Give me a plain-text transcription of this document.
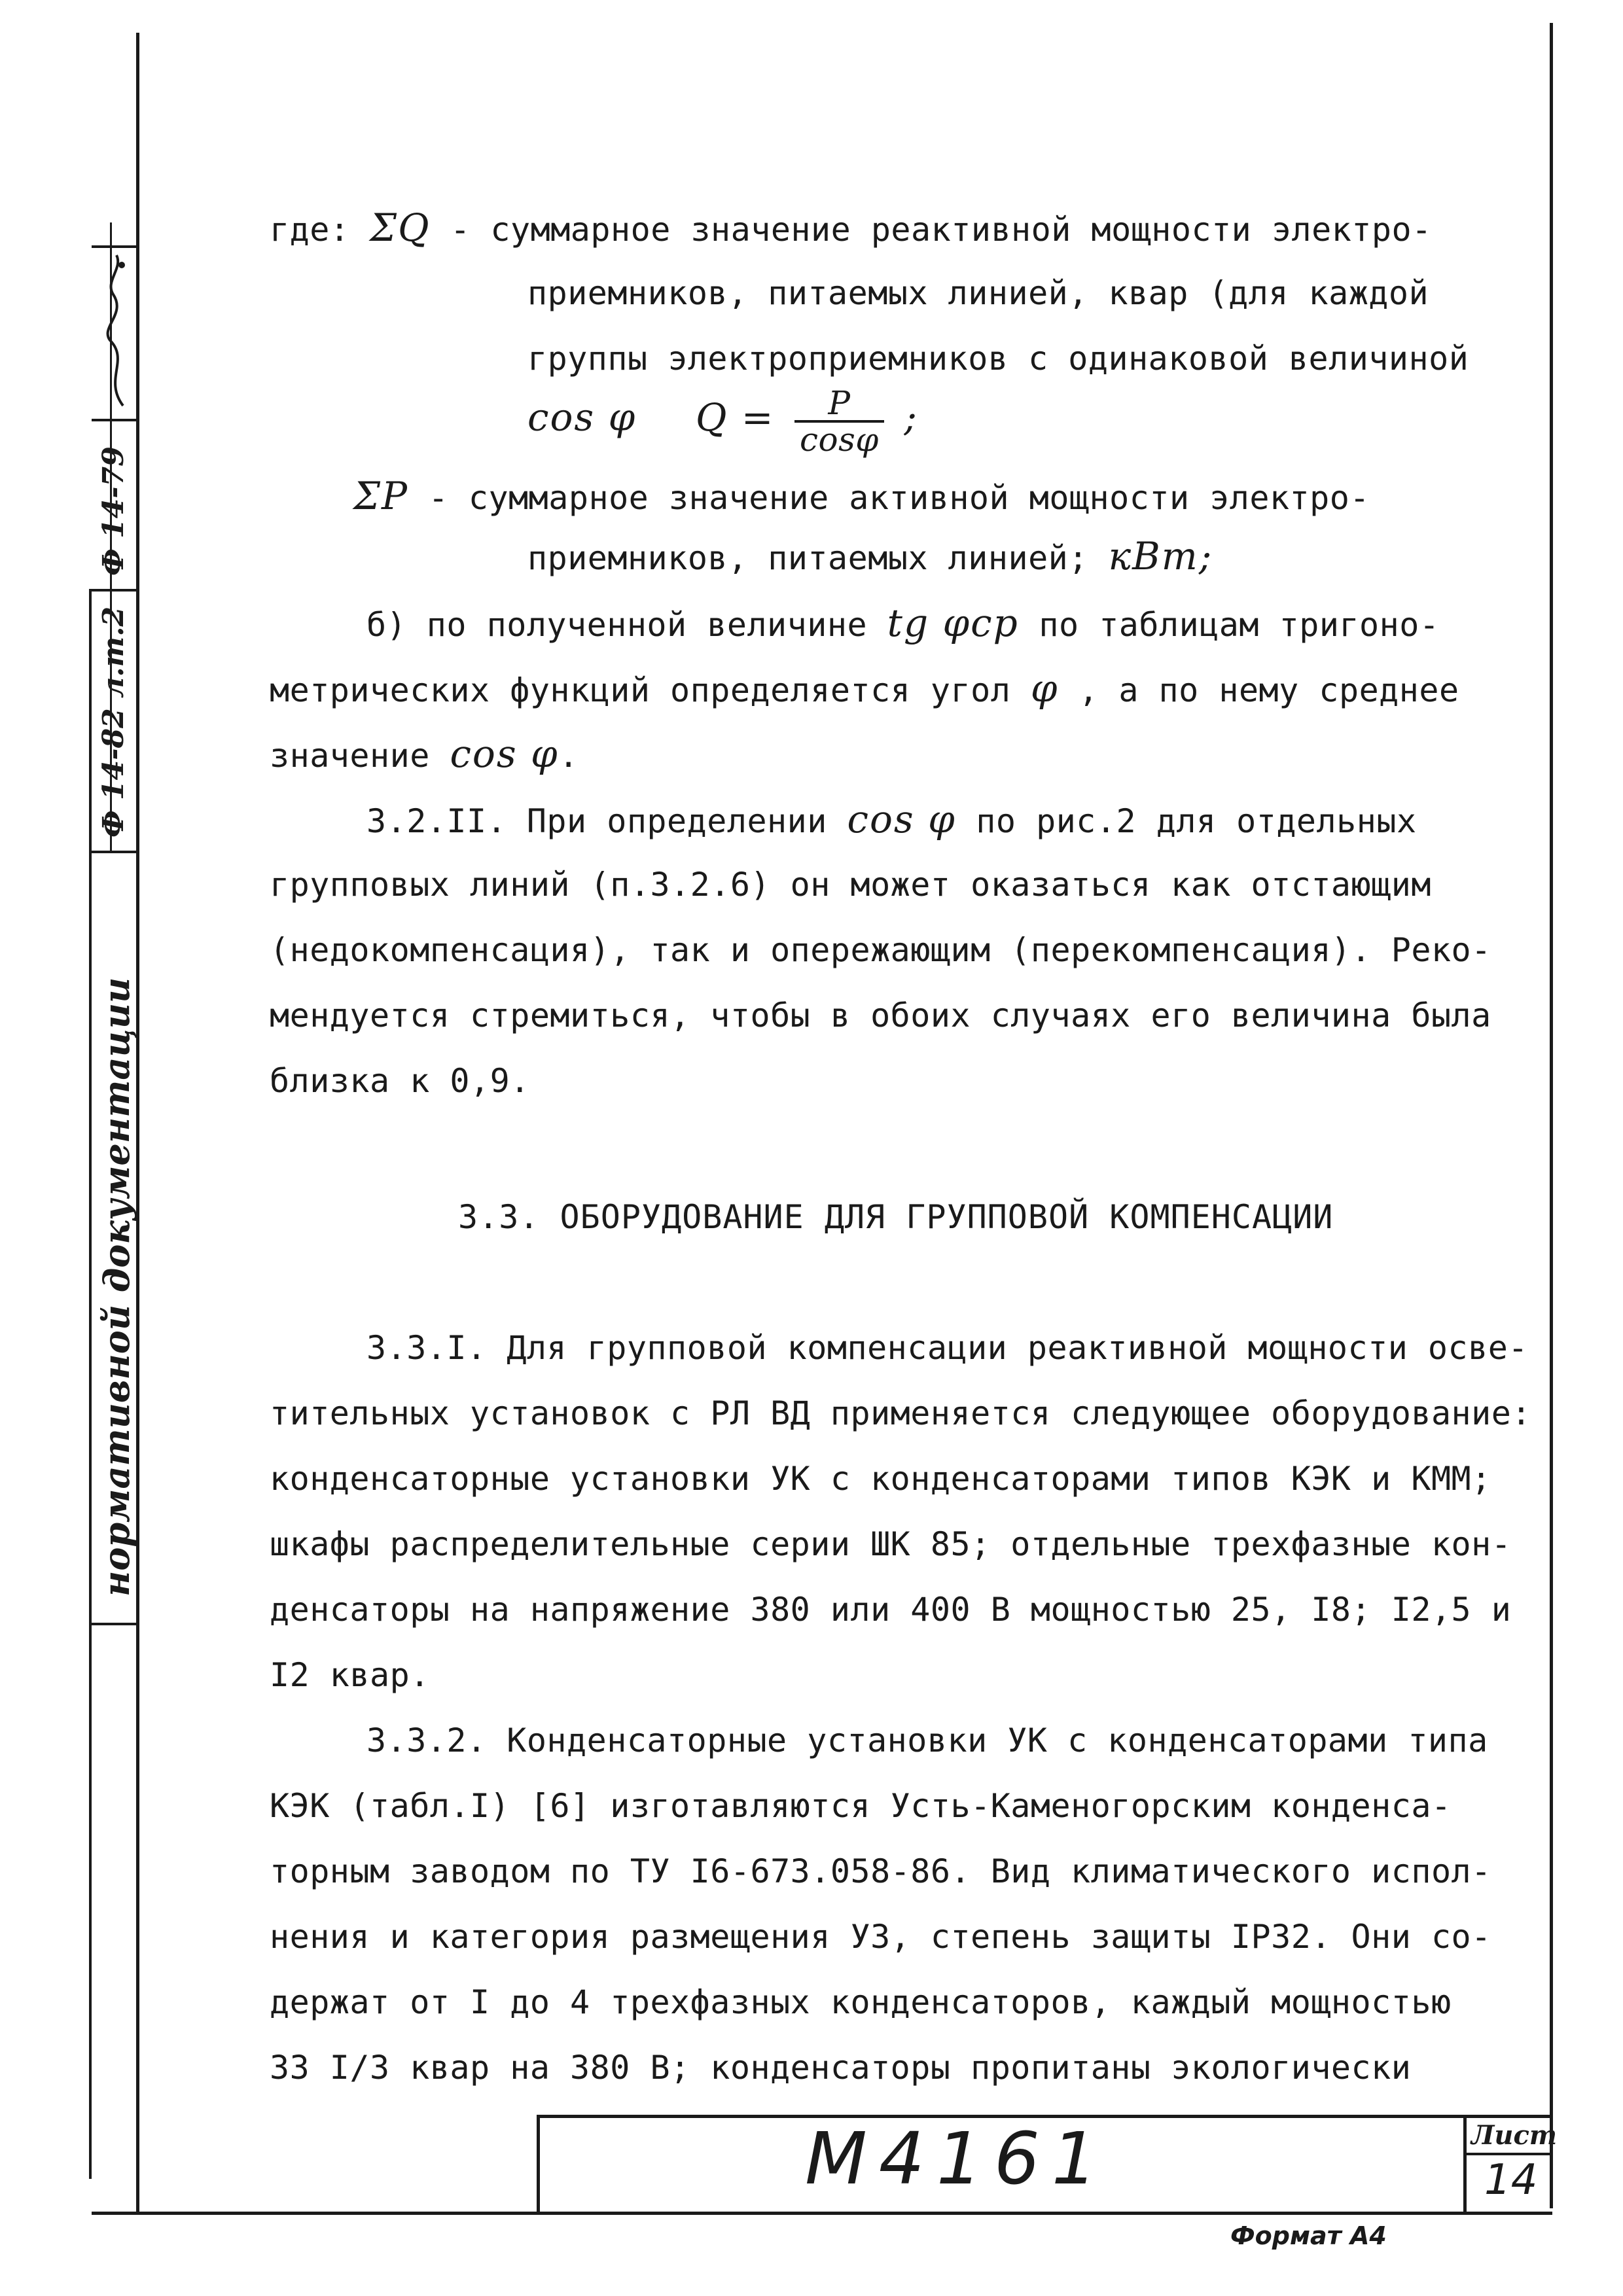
Ф 14-79
Ф 14-82 л.т.2
нормативной документации
где: ΣQ - суммарное значение реактивной мощности электро-
приемников, питаемых линией, квар (для каждой
группы электроприемников с одинаковой величиной
cos φ $Q = \frac{P}{\cos\varphi}$ ;
ΣP - суммарное значение активной мощности электро-
приемников, питаемых линией; кВт;
б) по полученной величине tg φср по таблицам тригоно-
метрических функций определяется угол φ , а по нему среднее
значение cos φ.
3.2.II. При определении cos φ по рис.2 для отдельных
групповых линий (п.3.2.6) он может оказаться как отстающим
(недокомпенсация), так и опережающим (перекомпенсация). Реко-
мендуется стремиться, чтобы в обоих случаях его величина была
близка к 0,9.
3.3. ОБОРУДОВАНИЕ ДЛЯ ГРУППОВОЙ КОМПЕНСАЦИИ
3.3.I. Для групповой компенсации реактивной мощности осве-
тительных установок с РЛ ВД применяется следующее оборудование:
конденсаторные установки УК с конденсаторами типов КЭК и КММ;
шкафы распределительные серии ШК 85; отдельные трехфазные кон-
денсаторы на напряжение 380 или 400 В мощностью 25, I8; I2,5 и
I2 квар.
3.3.2. Конденсаторные установки УК с конденсаторами типа
КЭК (табл.I) [6] изготавляются Усть-Каменогорским конденса-
торным заводом по ТУ I6-673.058-86. Вид климатического испол-
нения и категория размещения УЗ, степень защиты IP32. Они со-
держат от I до 4 трехфазных конденсаторов, каждый мощностью
33 I/3 квар на 380 В; конденсаторы пропитаны экологически
M4161	Лист
14
Формат А4
